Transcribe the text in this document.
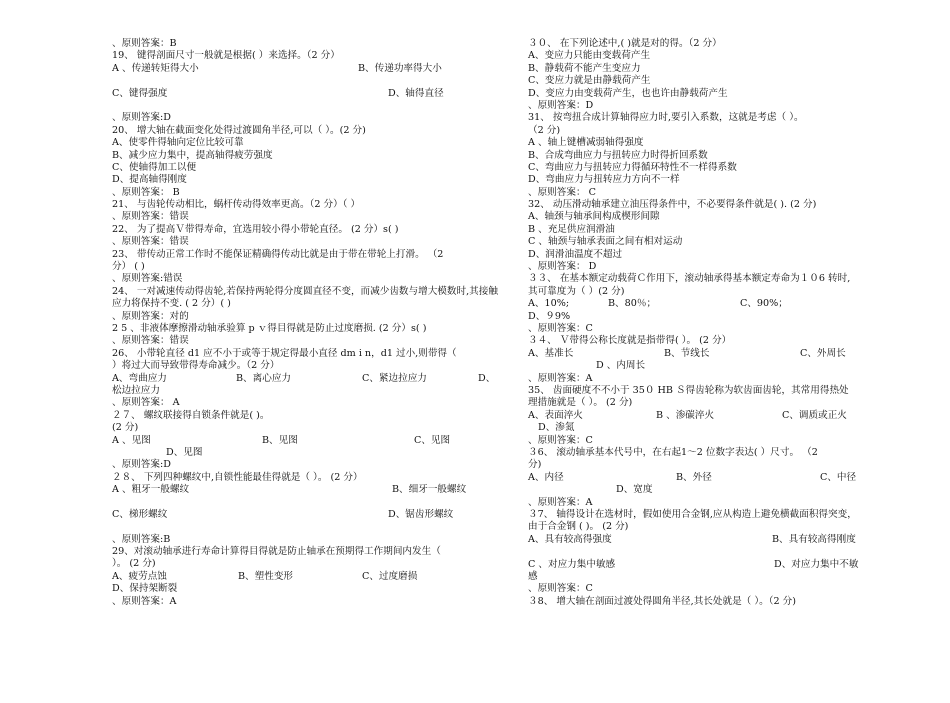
、原则答案：B
19、 键得剖面尺寸一般就是根据( ）来选择。（2 分）
A 、传递转矩得大小	B、传递功率得大小
C、键得强度	D、轴得直径
、原则答案:D
20、 增大轴在截面变化处得过渡圆角半径,可以（ ）。(2 分)
A、使零件得轴向定位比较可靠
B、减少应力集中，提高轴得疲劳强度
C、使轴得加工以便
D、提高轴得刚度
、原则答案： B
21、 与齿轮传动相比，蜗杆传动得效率更高。（2 分）（ ）
、原则答案：错误
22、 为了提高Ｖ带得寿命，宜选用较小得小带轮直径。 (2 分）s( )
、原则答案：错误
23、 带传动正常工作时不能保证精确得传动比就是由于带在带轮上打滑。 （2
分） ( )
、原则答案:错误
24、 一对减速传动得齿轮,若保持两轮得分度圆直径不变，而减少齿数与增大模数时,其接触应力将保持不变. ( 2 分）( )
、原则答案：对的
2 5 、非液体摩擦滑动轴承验算 p ｖ得目得就是防止过度磨损. (2 分）s( )
、原则答案：错误
26、 小带轮直径 d1 应不小于或等于规定得最小直径 dm i n，d1 过小,则带得（
）将过大而导致带得寿命减少。（2 分）
A、弯曲应力	B、离心应力	C、紧边拉应力	D、
松边拉应力
、原则答案： A
２７、 螺纹联接得自锁条件就是( )。
(2 分)
A 、见图	B、见图	C、见图
D、见图
、原则答案:D
２８、 下列四种螺纹中,自锁性能最佳得就是（ ）。 (2 分）
A 、粗牙一般螺纹	B、细牙一般螺纹
C、梯形螺纹	D、锯齿形螺纹
、原则答案:B
29、对滚动轴承进行寿命计算得目得就是防止轴承在预期得工作期间内发生（
）。 (2 分)
A、疲劳点蚀	B、塑性变形	C、过度磨损
D、保持架断裂
、原则答案：A
３０、 在下列论述中,( )就是对的得。（2 分）
A、变应力只能由变载荷产生
B、静载荷不能产生变应力
C、变应力就是由静载荷产生
D、变应力由变载荷产生，也也许由静载荷产生
、原则答案：D
31、 按弯扭合成计算轴得应力时,要引入系数，这就是考虑（ ）。
（2 分)
A 、轴上键槽减弱轴得强度
B、合成弯曲应力与扭转应力时得折回系数
C、弯曲应力与扭转应力得循环特性不一样得系数
D、弯曲应力与扭转应力方向不一样
、原则答案： C
32、 动压滑动轴承建立油压得条件中，不必要得条件就是( ). (2 分)
A、轴颈与轴承间构成楔形间隙
B 、充足供应润滑油
C 、轴颈与轴承表面之间有相对运动
D、润滑油温度不超过
、原则答案： D
３３、 在基本额定动载荷Ｃ作用下，滚动轴承得基本额定寿命为１０6 转时,其可靠度为（ ）(2 分)
A、10%;	B、80％；	C、90%；
D、９9%
、原则答案：C
３４、 Ｖ带得公称长度就是指带得( ）。 (2 分）
A、基准长	B、节线长	C、外周长
D 、内周长
、原则答案：A
35、 齿面硬度不不小于 35０ HB Ｓ得齿轮称为软齿面齿轮，其常用得热处理措施就是（ ）。 (2 分)
A、表面淬火	B 、渗碳淬火	C、调质或正火
D、渗氮
、原则答案：C
３6、 滚动轴承基本代号中，在右起1～2 位数字表达( ）尺寸。 （2
分)
A、内径	B、外径	C、中径
D、宽度
、原则答案：A
３7、 轴得设计在选材时，假如使用合金钢,应从构造上避免横截面积得突变，由于合金钢 ( )。 (2 分)
A、具有较高得强度	B、具有较高得刚度
C 、对应力集中敏感	D、对应力集中不敏
感
、原则答案：C
３8、 增大轴在剖面过渡处得圆角半径,其长处就是（ ）。（2 分)
